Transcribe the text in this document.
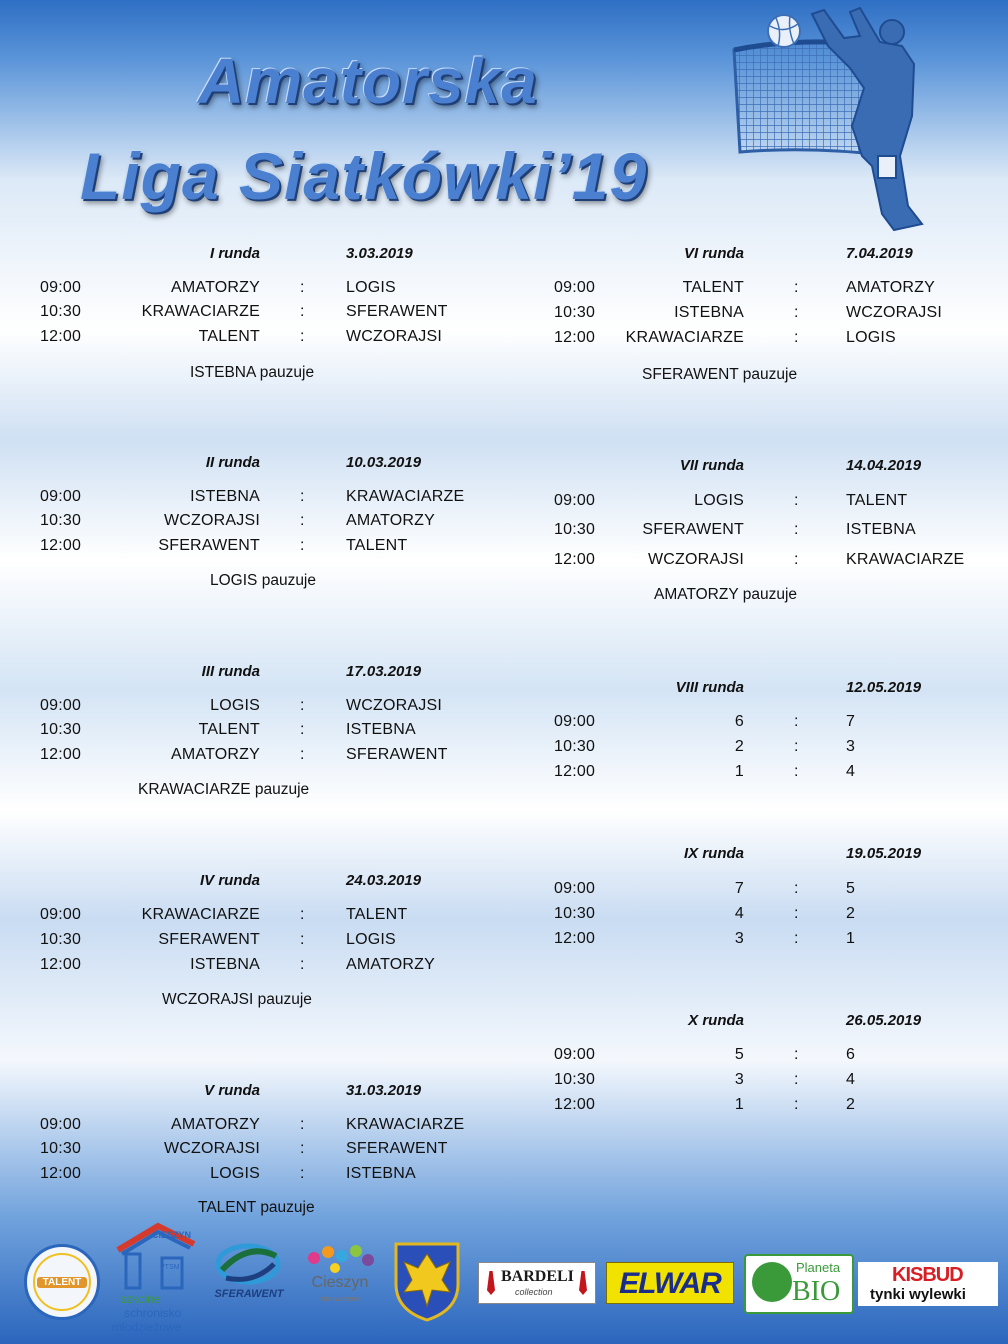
Amatorska
Liga Siatkówki’19
I runda	3.03.2019
09:00	AMATORZY	:	LOGIS
10:30	KRAWACIARZE	:	SFERAWENT
12:00	TALENT	:	WCZORAJSI
ISTEBNA pauzuje
II runda	10.03.2019
09:00	ISTEBNA	:	KRAWACIARZE
10:30	WCZORAJSI	:	AMATORZY
12:00	SFERAWENT	:	TALENT
LOGIS pauzuje
III runda	17.03.2019
09:00	LOGIS	:	WCZORAJSI
10:30	TALENT	:	ISTEBNA
12:00	AMATORZY	:	SFERAWENT
KRAWACIARZE pauzuje
IV runda	24.03.2019
09:00	KRAWACIARZE	:	TALENT
10:30	SFERAWENT	:	LOGIS
12:00	ISTEBNA	:	AMATORZY
WCZORAJSI pauzuje
V runda	31.03.2019
09:00	AMATORZY	:	KRAWACIARZE
10:30	WCZORAJSI	:	SFERAWENT
12:00	LOGIS	:	ISTEBNA
TALENT pauzuje
VI runda	7.04.2019
09:00	TALENT	:	AMATORZY
10:30	ISTEBNA	:	WCZORAJSI
12:00	KRAWACIARZE	:	LOGIS
SFERAWENT pauzuje
VII runda	14.04.2019
09:00	LOGIS	:	TALENT
10:30	SFERAWENT	:	ISTEBNA
12:00	WCZORAJSI	:	KRAWACIARZE
AMATORZY pauzuje
VIII runda	12.05.2019
09:00	6	:	7
10:30	2	:	3
12:00	1	:	4
IX runda	19.05.2019
09:00	7	:	5
10:30	4	:	2
12:00	3	:	1
X runda	26.05.2019
09:00	5	:	6
10:30	3	:	4
12:00	1	:	2
TALENT
CIESZYN
PTSM
szkolne
schronisko
młodzieżowe
SFERAWENT
Cieszyn
robi wrażenie
BARDELI
collection	ELWAR	Planeta
BIO
KISBUD
tynki wylewki
